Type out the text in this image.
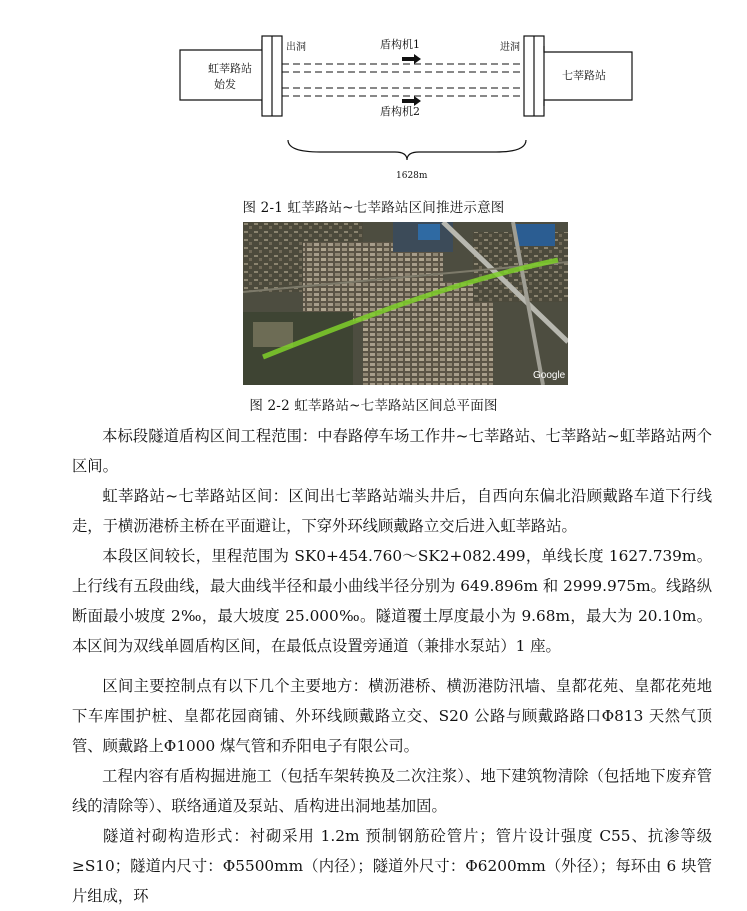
虹莘路站
始发
七莘路站
出洞	进洞
盾构机1
盾构机2
1628m
图 2-1 虹莘路站~七莘路站区间推进示意图
Google
图 2-2 虹莘路站~七莘路站区间总平面图

本标段隧道盾构区间工程范围：中春路停车场工作井~七莘路站、七莘路站~虹莘路站两个区间。

虹莘路站~七莘路站区间：区间出七莘路站端头井后，自西向东偏北沿顾戴路车道下行线走，于横沥港桥主桥在平面避让，下穿外环线顾戴路立交后进入虹莘路站。

本段区间较长，里程范围为 SK0+454.760～SK2+082.499，单线长度 1627.739m。上行线有五段曲线，最大曲线半径和最小曲线半径分别为 649.896m 和 2999.975m。线路纵断面最小坡度 2‰，最大坡度 25.000‰。隧道覆土厚度最小为 9.68m，最大为 20.10m。本区间为双线单圆盾构区间，在最低点设置旁通道（兼排水泵站）1 座。

区间主要控制点有以下几个主要地方：横沥港桥、横沥港防汛墙、皇都花苑、皇都花苑地下车库围护桩、皇都花园商铺、外环线顾戴路立交、S20 公路与顾戴路路口Φ813 天然气顶管、顾戴路上Φ1000 煤气管和乔阳电子有限公司。

工程内容有盾构掘进施工（包括车架转换及二次注浆）、地下建筑物清除（包括地下废弃管线的清除等）、联络通道及泵站、盾构进出洞地基加固。

隧道衬砌构造形式：衬砌采用 1.2m 预制钢筋砼管片；管片设计强度 C55、抗渗等级≥S10；隧道内尺寸：Φ5500mm（内径）；隧道外尺寸：Φ6200mm（外径）；每环由 6 块管片组成，环
